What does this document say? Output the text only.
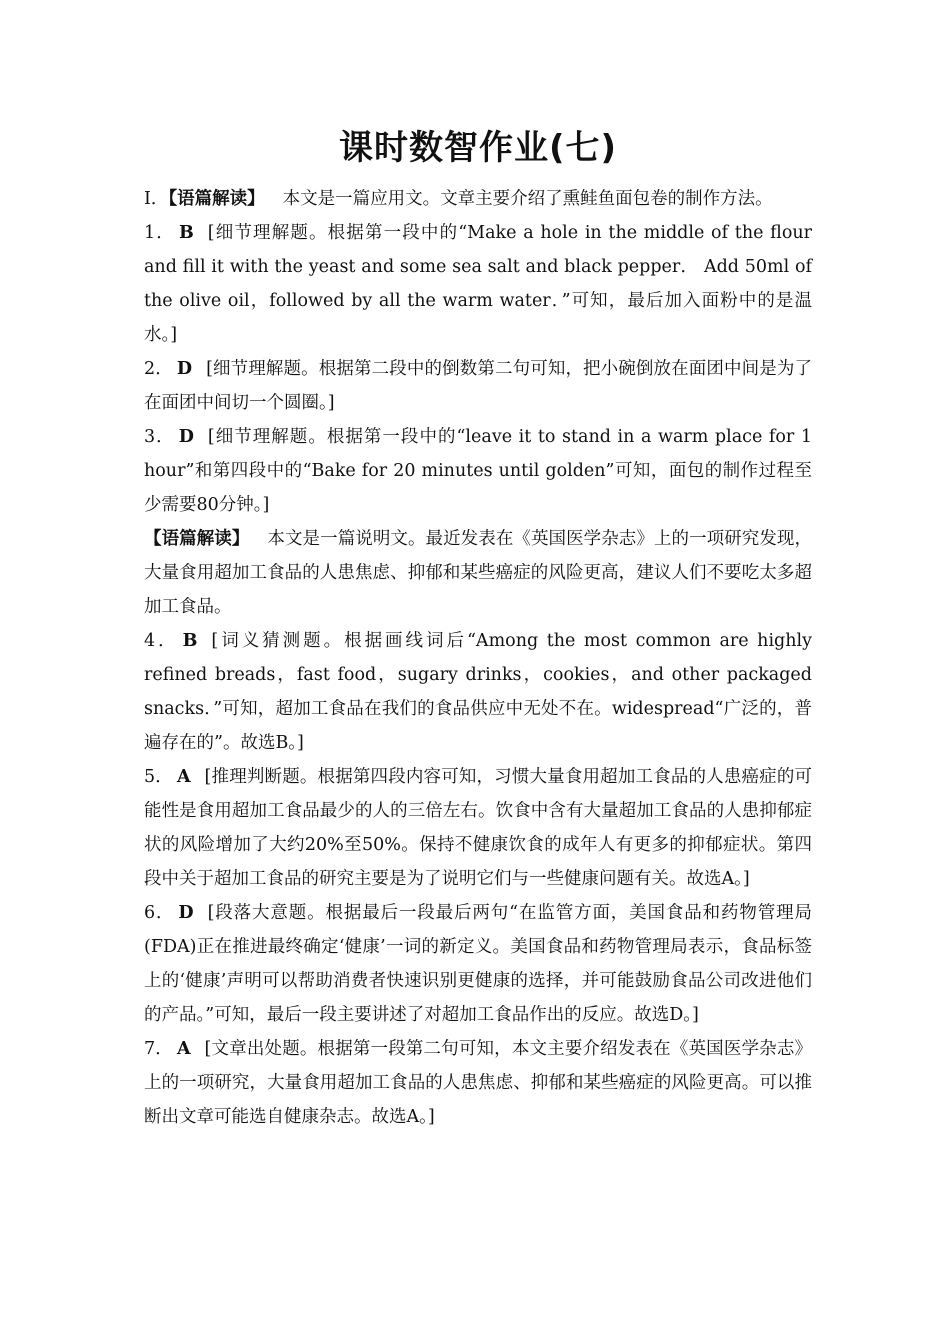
课时数智作业(七)

Ⅰ．【语篇解读】 本文是一篇应用文。文章主要介绍了熏鲑鱼面包卷的制作方法。

1． B [细节理解题。根据第一段中的“Make a hole in the middle of the flour and fill it with the yeast and some sea salt and black pepper． Add 50ml of the olive oil，followed by all the warm water．”可知，最后加入面粉中的是温水。]

2． D [细节理解题。根据第二段中的倒数第二句可知，把小碗倒放在面团中间是为了在面团中间切一个圆圈。]

3． D [细节理解题。根据第一段中的“leave it to stand in a warm place for 1 hour”和第四段中的“Bake for 20 minutes until golden”可知，面包的制作过程至少需要80分钟。]

【语篇解读】 本文是一篇说明文。最近发表在《英国医学杂志》上的一项研究发现，大量食用超加工食品的人患焦虑、抑郁和某些癌症的风险更高，建议人们不要吃太多超加工食品。

4． B [词义猜测题。根据画线词后“Among the most common are highly refined breads，fast food，sugary drinks，cookies，and other packaged snacks．”可知，超加工食品在我们的食品供应中无处不在。widespread“广泛的，普遍存在的”。故选B。]

5． A [推理判断题。根据第四段内容可知，习惯大量食用超加工食品的人患癌症的可能性是食用超加工食品最少的人的三倍左右。饮食中含有大量超加工食品的人患抑郁症状的风险增加了大约20%至50%。保持不健康饮食的成年人有更多的抑郁症状。第四段中关于超加工食品的研究主要是为了说明它们与一些健康问题有关。故选A。]

6． D [段落大意题。根据最后一段最后两句“在监管方面，美国食品和药物管理局(FDA)正在推进最终确定‘健康’一词的新定义。美国食品和药物管理局表示，食品标签上的‘健康’声明可以帮助消费者快速识别更健康的选择，并可能鼓励食品公司改进他们的产品。”可知，最后一段主要讲述了对超加工食品作出的反应。故选D。]

7． A [文章出处题。根据第一段第二句可知，本文主要介绍发表在《英国医学杂志》上的一项研究，大量食用超加工食品的人患焦虑、抑郁和某些癌症的风险更高。可以推断出文章可能选自健康杂志。故选A。]
